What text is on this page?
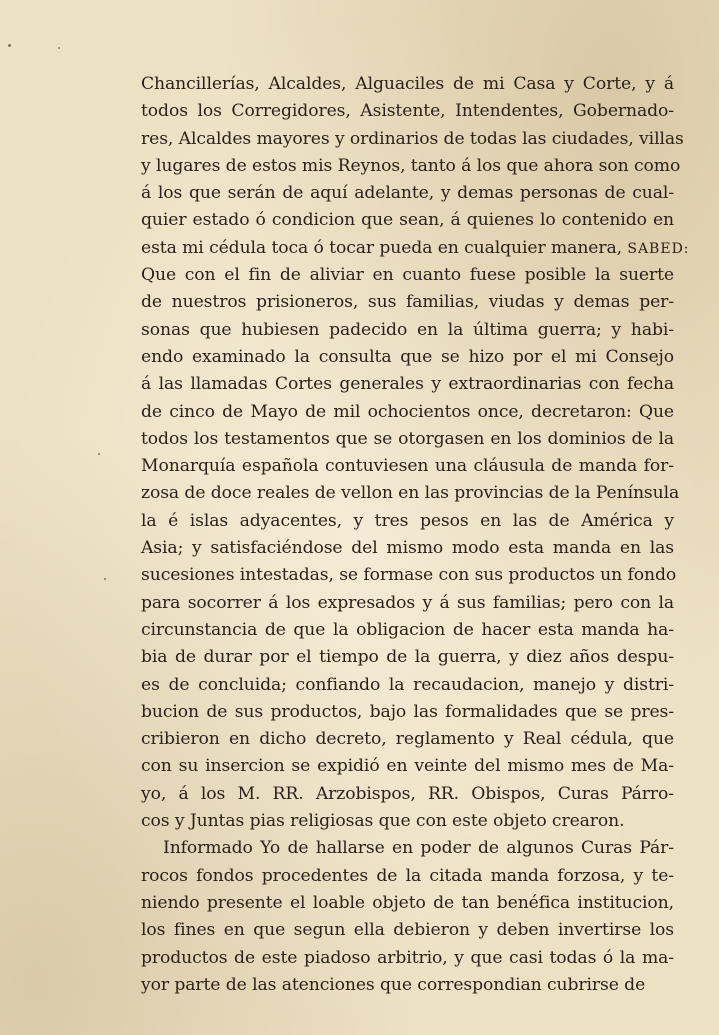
Chancillerías, Alcaldes, Alguaciles de mi Casa y Corte, y á
todos los Corregidores, Asistente, Intendentes, Gobernado-
res, Alcaldes mayores y ordinarios de todas las ciudades, villas
y lugares de estos mis Reynos, tanto á los que ahora son como
á los que serán de aquí adelante, y demas personas de cual-
quier estado ó condicion que sean, á quienes lo contenido en
esta mi cédula toca ó tocar pueda en cualquier manera, SABED:
Que con el fin de aliviar en cuanto fuese posible la suerte
de nuestros prisioneros, sus familias, viudas y demas per-
sonas que hubiesen padecido en la última guerra; y habi-
endo examinado la consulta que se hizo por el mi Consejo
á las llamadas Cortes generales y extraordinarias con fecha
de cinco de Mayo de mil ochocientos once, decretaron: Que
todos los testamentos que se otorgasen en los dominios de la
Monarquía española contuviesen una cláusula de manda for-
zosa de doce reales de vellon en las provincias de la Península
la é islas adyacentes, y tres pesos en las de América y
Asia; y satisfaciéndose del mismo modo esta manda en las
sucesiones intestadas, se formase con sus productos un fondo
para socorrer á los expresados y á sus familias; pero con la
circunstancia de que la obligacion de hacer esta manda ha-
bia de durar por el tiempo de la guerra, y diez años despu-
es de concluida; confiando la recaudacion, manejo y distri-
bucion de sus productos, bajo las formalidades que se pres-
cribieron en dicho decreto, reglamento y Real cédula, que
con su insercion se expidió en veinte del mismo mes de Ma-
yo, á los M. RR. Arzobispos, RR. Obispos, Curas Párro-
cos y Juntas pias religiosas que con este objeto crearon.
Informado Yo de hallarse en poder de algunos Curas Pár-
rocos fondos procedentes de la citada manda forzosa, y te-
niendo presente el loable objeto de tan benéfica institucion,
los fines en que segun ella debieron y deben invertirse los
productos de este piadoso arbitrio, y que casi todas ó la ma-
yor parte de las atenciones que correspondian cubrirse de
